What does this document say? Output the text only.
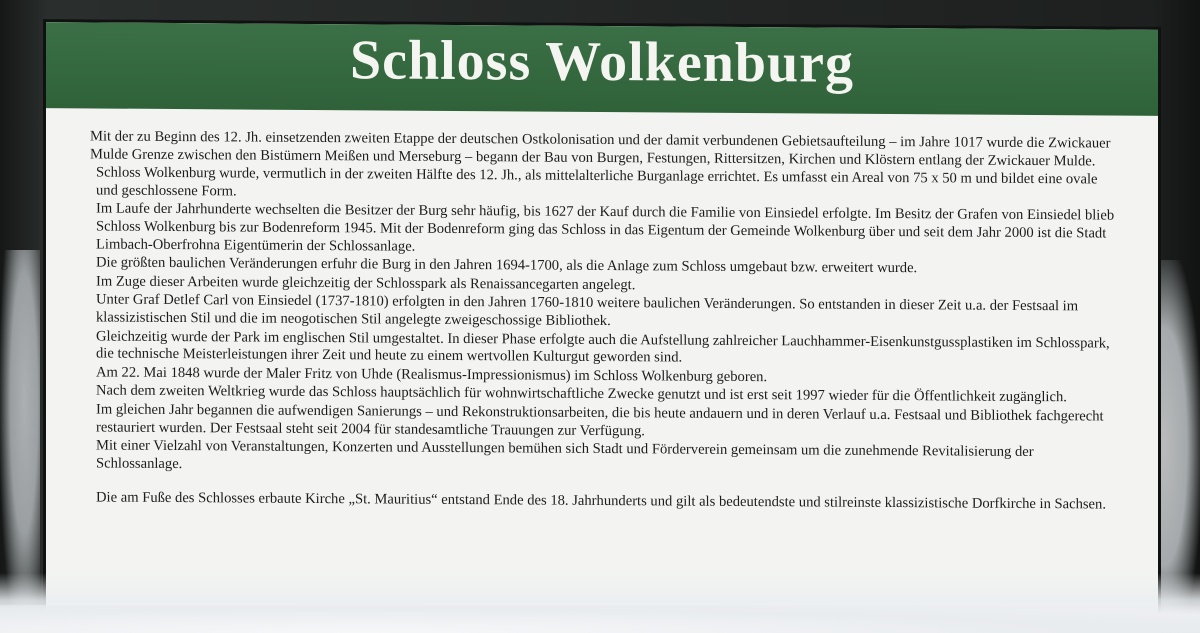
Schloss Wolkenburg

Mit der zu Beginn des 12. Jh. einsetzenden zweiten Etappe der deutschen Ostkolonisation und der damit verbundenen Gebietsaufteilung – im Jahre 1017 wurde die Zwickauer Mulde Grenze zwischen den Bistümern Meißen und Merseburg – begann der Bau von Burgen, Festungen, Rittersitzen, Kirchen und Klöstern entlang der Zwickauer Mulde.

Schloss Wolkenburg wurde, vermutlich in der zweiten Hälfte des 12. Jh., als mittelalterliche Burganlage errichtet. Es umfasst ein Areal von 75 x 50 m und bildet eine ovale und geschlossene Form.

Im Laufe der Jahrhunderte wechselten die Besitzer der Burg sehr häufig, bis 1627 der Kauf durch die Familie von Einsiedel erfolgte. Im Besitz der Grafen von Einsiedel blieb Schloss Wolkenburg bis zur Bodenreform 1945. Mit der Bodenreform ging das Schloss in das Eigentum der Gemeinde Wolkenburg über und seit dem Jahr 2000 ist die Stadt Limbach-Oberfrohna Eigentümerin der Schlossanlage.

Die größten baulichen Veränderungen erfuhr die Burg in den Jahren 1694-1700, als die Anlage zum Schloss umgebaut bzw. erweitert wurde.

Im Zuge dieser Arbeiten wurde gleichzeitig der Schlosspark als Renaissancegarten angelegt.

Unter Graf Detlef Carl von Einsiedel (1737-1810) erfolgten in den Jahren 1760-1810 weitere baulichen Veränderungen. So entstanden in dieser Zeit u.a. der Festsaal im klassizistischen Stil und die im neogotischen Stil angelegte zweigeschossige Bibliothek.

Gleichzeitig wurde der Park im englischen Stil umgestaltet. In dieser Phase erfolgte auch die Aufstellung zahlreicher Lauchhammer-Eisenkunstgussplastiken im Schlosspark, die technische Meisterleistungen ihrer Zeit und heute zu einem wertvollen Kulturgut geworden sind.

Am 22. Mai 1848 wurde der Maler Fritz von Uhde (Realismus-Impressionismus) im Schloss Wolkenburg geboren.

Nach dem zweiten Weltkrieg wurde das Schloss hauptsächlich für wohnwirtschaftliche Zwecke genutzt und ist erst seit 1997 wieder für die Öffentlichkeit zugänglich.

Im gleichen Jahr begannen die aufwendigen Sanierungs – und Rekonstruktionsarbeiten, die bis heute andauern und in deren Verlauf u.a. Festsaal und Bibliothek fachgerecht restauriert wurden. Der Festsaal steht seit 2004 für standesamtliche Trauungen zur Verfügung.

Mit einer Vielzahl von Veranstaltungen, Konzerten und Ausstellungen bemühen sich Stadt und Förderverein gemeinsam um die zunehmende Revitalisierung der Schlossanlage.

Die am Fuße des Schlosses erbaute Kirche „St. Mauritius“ entstand Ende des 18. Jahrhunderts und gilt als bedeutendste und stilreinste klassizistische Dorfkirche in Sachsen.
